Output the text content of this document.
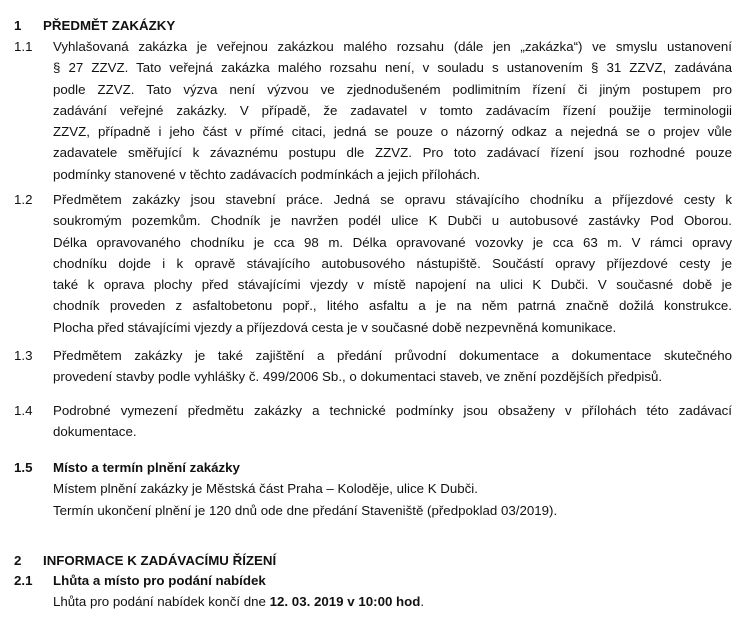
1 PŘEDMĚT ZAKÁZKY
1.1 Vyhlašovaná zakázka je veřejnou zakázkou malého rozsahu (dále jen „zakázka“) ve smyslu ustanovení
§ 27 ZZVZ. Tato veřejná zakázka malého rozsahu není, v souladu s ustanovením § 31 ZZVZ, zadávána
podle ZZVZ. Tato výzva není výzvou ve zjednodušeném podlimitním řízení či jiným postupem pro
zadávání veřejné zakázky. V případě, že zadavatel v tomto zadávacím řízení použije terminologii
ZZVZ, případně i jeho část v přímé citaci, jedná se pouze o názorný odkaz a nejedná se o projev vůle
zadavatele směřující k závaznému postupu dle ZZVZ. Pro toto zadávací řízení jsou rozhodné pouze
podmínky stanovené v těchto zadávacích podmínkách a jejich přílohách.
1.2 Předmětem zakázky jsou stavební práce. Jedná se opravu stávajícího chodníku a příjezdové cesty k
soukromým pozemkům. Chodník je navržen podél ulice K Dubči u autobusové zastávky Pod Oborou.
Délka opravovaného chodníku je cca 98 m. Délka opravované vozovky je cca 63 m. V rámci opravy
chodníku dojde i k opravě stávajícího autobusového nástupiště. Součástí opravy příjezdové cesty je
také k oprava plochy před stávajícími vjezdy v místě napojení na ulici K Dubči. V současné době je
chodník proveden z asfaltobetonu popř., litého asfaltu a je na něm patrná značně dožilá konstrukce.
Plocha před stávajícími vjezdy a příjezdová cesta je v současné době nezpevněná komunikace.
1.3 Předmětem zakázky je také zajištění a předání průvodní dokumentace a dokumentace skutečného
provedení stavby podle vyhlášky č. 499/2006 Sb., o dokumentaci staveb, ve znění pozdějších předpisů.
1.4 Podrobné vymezení předmětu zakázky a technické podmínky jsou obsaženy v přílohách této zadávací
dokumentace.
1.5 Místo a termín plnění zakázky
Místem plnění zakázky je Městská část Praha – Koloděje, ulice K Dubči.
Termín ukončení plnění je 120 dnů ode dne předání Staveniště (předpoklad 03/2019).
2 INFORMACE K ZADÁVACÍMU ŘÍZENÍ
2.1 Lhůta a místo pro podání nabídek
Lhůta pro podání nabídek končí dne 12. 03. 2019 v 10:00 hod.
